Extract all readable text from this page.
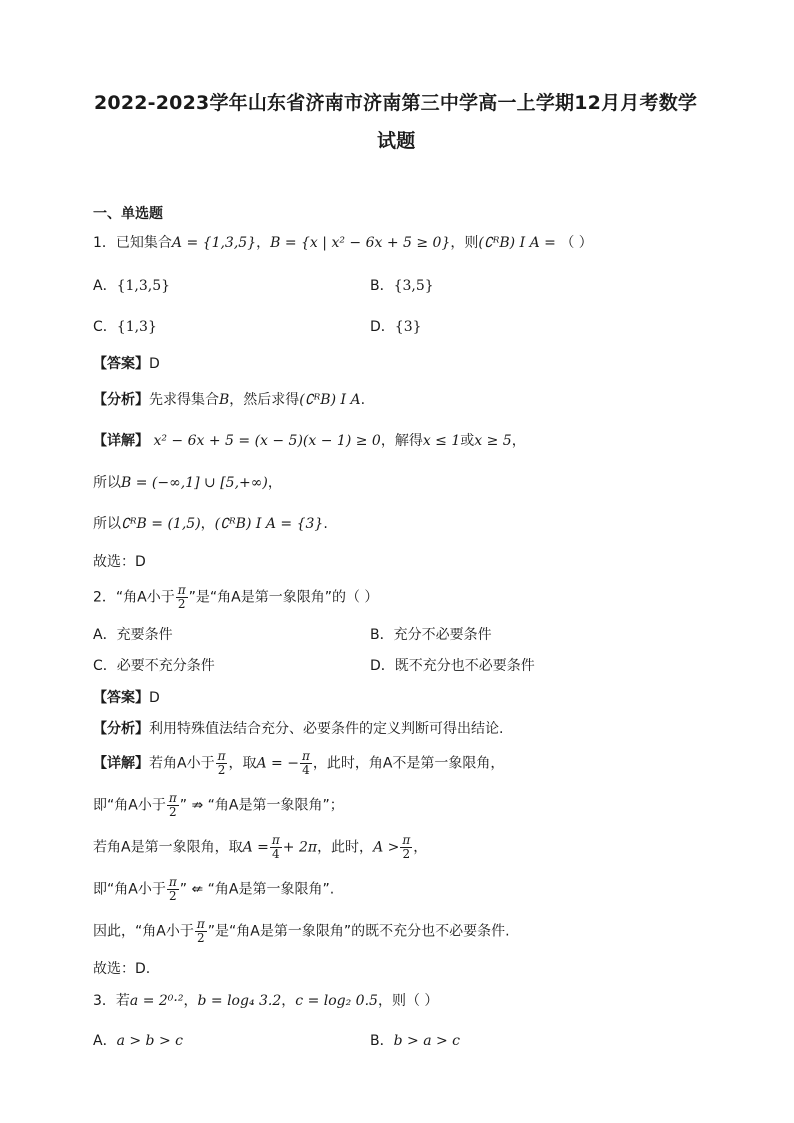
2022-2023学年山东省济南市济南第三中学高一上学期12月月考数学
试题
一、单选题
1．已知集合A = {1,3,5}，B = {x | x² − 6x + 5 ≥ 0}，则(∁ᴿB) I A = （ ）
A．{1,3,5}	B．{3,5}
C．{1,3}	D．{3}
【答案】D
【分析】先求得集合B，然后求得(∁ᴿB) I A.
【详解】 x² − 6x + 5 = (x − 5)(x − 1) ≥ 0，解得x ≤ 1或x ≥ 5，
所以B = (−∞,1] ∪ [5,+∞)，
所以∁ᴿB = (1,5)，(∁ᴿB) I A = {3}.
故选：D
2．“角A小于 $\frac{\pi}{2}$ ”是“角A是第一象限角”的（ ）
A．充要条件	B．充分不必要条件
C．必要不充分条件	D．既不充分也不必要条件
【答案】D
【分析】利用特殊值法结合充分、必要条件的定义判断可得出结论.
【详解】若角A小于 $\frac{\pi}{2}$ ，取A = − $\frac{\pi}{4}$ ，此时，角A不是第一象限角，
即“角A小于 $\frac{\pi}{2}$ ” ⇏ “角A是第一象限角”；
若角A是第一象限角，取$A = \frac{\pi}{4} + 2\pi$，此时，$A > \frac{\pi}{2}$ ，
即“角A小于 $\frac{\pi}{2}$ ” ⇍ “角A是第一象限角”.
因此，“角A小于 $\frac{\pi}{2}$ ”是“角A是第一象限角”的既不充分也不必要条件.
故选：D.
3．若a = 2⁰·²，b = log₄ 3.2，c = log₂ 0.5，则（ ）
A．a > b > c	B．b > a > c
